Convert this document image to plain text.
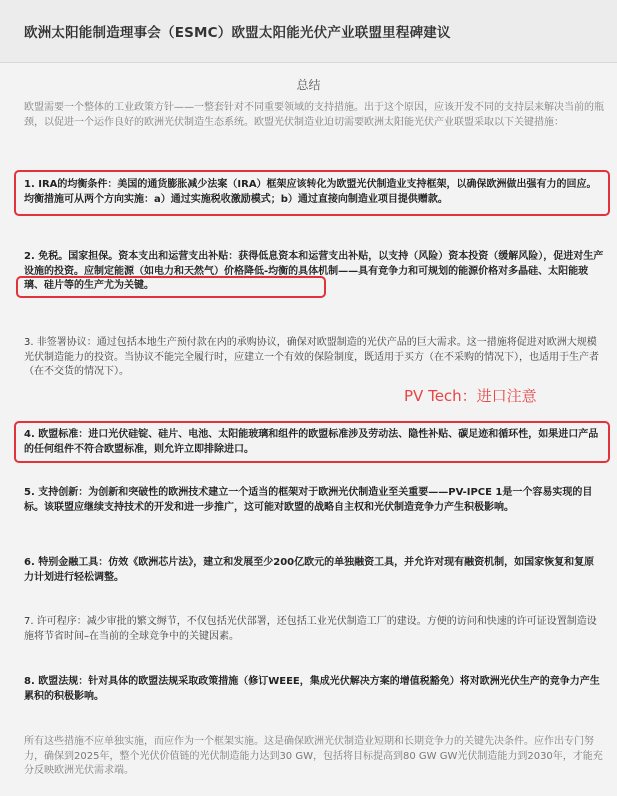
欧洲太阳能制造理事会（ESMC）欧盟太阳能光伏产业联盟里程碑建议
总结
欧盟需要一个整体的工业政策方针——一整套针对不同重要领域的支持措施。出于这个原因，应该开发不同的支持层来解决当前的瓶颈，以促进一个运作良好的欧洲光伏制造生态系统。欧盟光伏制造业迫切需要欧洲太阳能光伏产业联盟采取以下关键措施：
1. IRA的均衡条件：美国的通货膨胀减少法案（IRA）框架应该转化为欧盟光伏制造业支持框架，以确保欧洲做出强有力的回应。均衡措施可从两个方向实施：a）通过实施税收激励模式；b）通过直接向制造业项目提供赠款。
2. 免税。国家担保。资本支出和运营支出补贴：获得低息资本和运营支出补贴，以支持（风险）资本投资（缓解风险），促进对生产设施的投资。应制定能源（如电力和天然气）价格降低-均衡的具体机制——具有竞争力和可规划的能源价格对多晶硅、太阳能玻璃、硅片等的生产尤为关键。
3. 非签署协议：通过包括本地生产预付款在内的承购协议，确保对欧盟制造的光伏产品的巨大需求。这一措施将促进对欧洲大规模光伏制造能力的投资。当协议不能完全履行时，应建立一个有效的保险制度，既适用于买方（在不采购的情况下），也适用于生产者（在不交货的情况下）。
PV Tech：进口注意
4. 欧盟标准：进口光伏硅锭、硅片、电池、太阳能玻璃和组件的欧盟标准涉及劳动法、隐性补贴、碳足迹和循环性，如果进口产品的任何组件不符合欧盟标准，则允许立即排除进口。
5. 支持创新：为创新和突破性的欧洲技术建立一个适当的框架对于欧洲光伏制造业至关重要——PV-IPCE 1是一个容易实现的目标。该联盟应继续支持技术的开发和进一步推广，这可能对欧盟的战略自主权和光伏制造竞争力产生积极影响。
6. 特别金融工具：仿效《欧洲芯片法》，建立和发展至少200亿欧元的单独融资工具，并允许对现有融资机制，如国家恢复和复原力计划进行轻松调整。
7. 许可程序：减少审批的繁文缛节，不仅包括光伏部署，还包括工业光伏制造工厂的建设。方便的访问和快速的许可证设置制造设施将节省时间–在当前的全球竞争中的关键因素。
8. 欧盟法规：针对具体的欧盟法规采取政策措施（修订WEEE，集成光伏解决方案的增值税豁免）将对欧洲光伏生产的竞争力产生累积的积极影响。
所有这些措施不应单独实施，而应作为一个框架实施。这是确保欧洲光伏制造业短期和长期竞争力的关键先决条件。应作出专门努力，确保到2025年，整个光伏价值链的光伏制造能力达到30 GW，包括将目标提高到80 GW GW光伏制造能力到2030年，才能充分反映欧洲光伏需求端。
